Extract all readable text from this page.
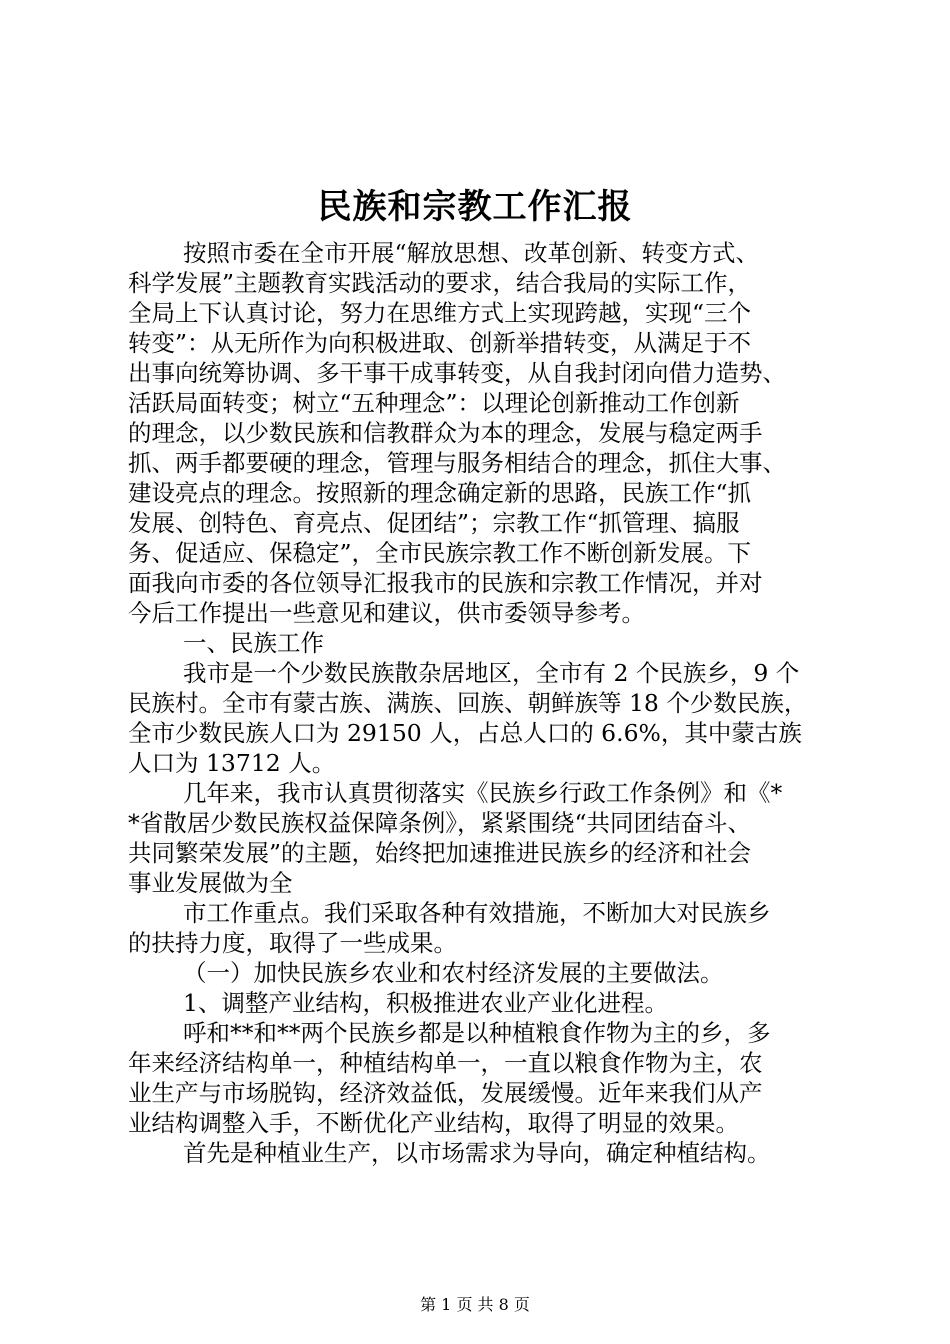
民族和宗教工作汇报
按照市委在全市开展“解放思想、改革创新、转变方式、
科学发展”主题教育实践活动的要求，结合我局的实际工作，
全局上下认真讨论，努力在思维方式上实现跨越，实现“三个
转变”：从无所作为向积极进取、创新举措转变，从满足于不
出事向统筹协调、多干事干成事转变，从自我封闭向借力造势、
活跃局面转变；树立“五种理念”：以理论创新推动工作创新
的理念，以少数民族和信教群众为本的理念，发展与稳定两手
抓、两手都要硬的理念，管理与服务相结合的理念，抓住大事、
建设亮点的理念。按照新的理念确定新的思路，民族工作“抓
发展、创特色、育亮点、促团结”；宗教工作“抓管理、搞服
务、促适应、保稳定”，全市民族宗教工作不断创新发展。下
面我向市委的各位领导汇报我市的民族和宗教工作情况，并对
今后工作提出一些意见和建议，供市委领导参考。
一、民族工作
我市是一个少数民族散杂居地区，全市有 2 个民族乡，9 个
民族村。全市有蒙古族、满族、回族、朝鲜族等 18 个少数民族，
全市少数民族人口为 29150 人，占总人口的 6.6%，其中蒙古族
人口为 13712 人。
几年来，我市认真贯彻落实《民族乡行政工作条例》和《*
*省散居少数民族权益保障条例》，紧紧围绕“共同团结奋斗、
共同繁荣发展”的主题，始终把加速推进民族乡的经济和社会
事业发展做为全
市工作重点。我们采取各种有效措施，不断加大对民族乡
的扶持力度，取得了一些成果。
（一）加快民族乡农业和农村经济发展的主要做法。
1、调整产业结构，积极推进农业产业化进程。
呼和**和**两个民族乡都是以种植粮食作物为主的乡，多
年来经济结构单一，种植结构单一，一直以粮食作物为主，农
业生产与市场脱钩，经济效益低，发展缓慢。近年来我们从产
业结构调整入手，不断优化产业结构，取得了明显的效果。
首先是种植业生产，以市场需求为导向，确定种植结构。
第 1 页 共 8 页
